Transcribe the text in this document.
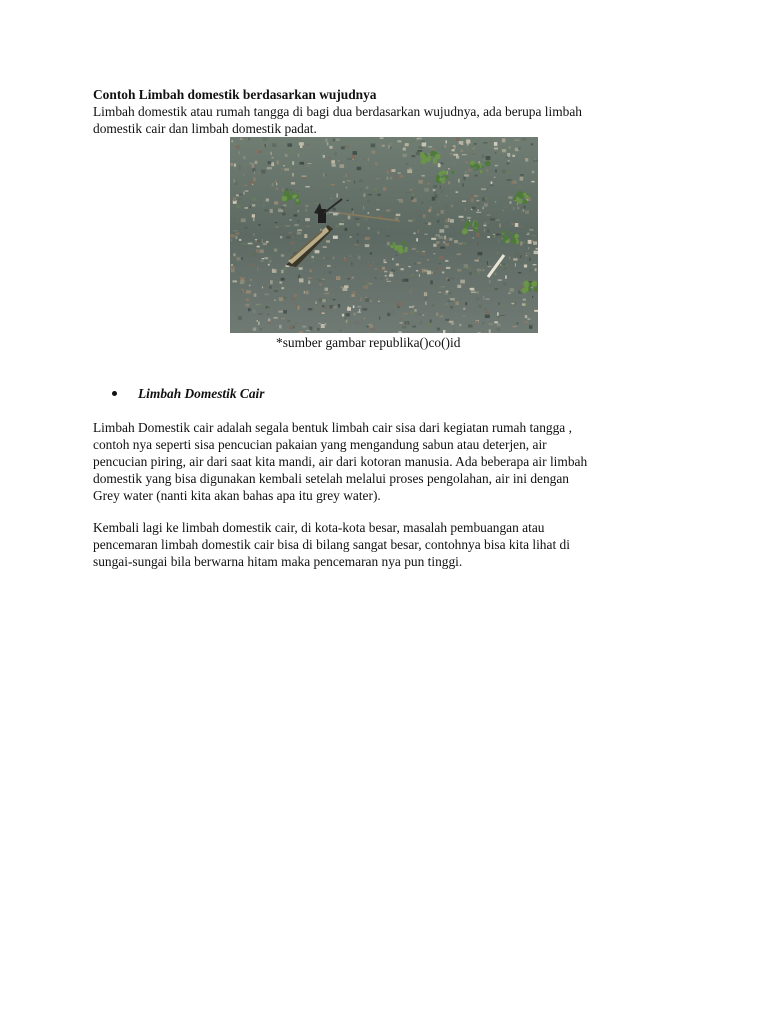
Contoh Limbah domestik berdasarkan wujudnya

Limbah domestik atau rumah tangga di bagi dua berdasarkan wujudnya, ada berupa limbah

domestik cair dan limbah domestik padat.

*sumber gambar republika()co()id
Limbah Domestik Cair

Limbah Domestik cair adalah segala bentuk limbah cair sisa dari kegiatan rumah tangga ,

contoh nya seperti sisa pencucian pakaian yang mengandung sabun atau deterjen, air

pencucian piring, air dari saat kita mandi, air dari kotoran manusia. Ada beberapa air limbah

domestik yang bisa digunakan kembali setelah melalui proses pengolahan, air ini dengan

Grey water (nanti kita akan bahas apa itu grey water).

Kembali lagi ke limbah domestik cair, di kota-kota besar, masalah pembuangan atau

pencemaran limbah domestik cair bisa di bilang sangat besar, contohnya bisa kita lihat di

sungai-sungai bila berwarna hitam maka pencemaran nya pun tinggi.
